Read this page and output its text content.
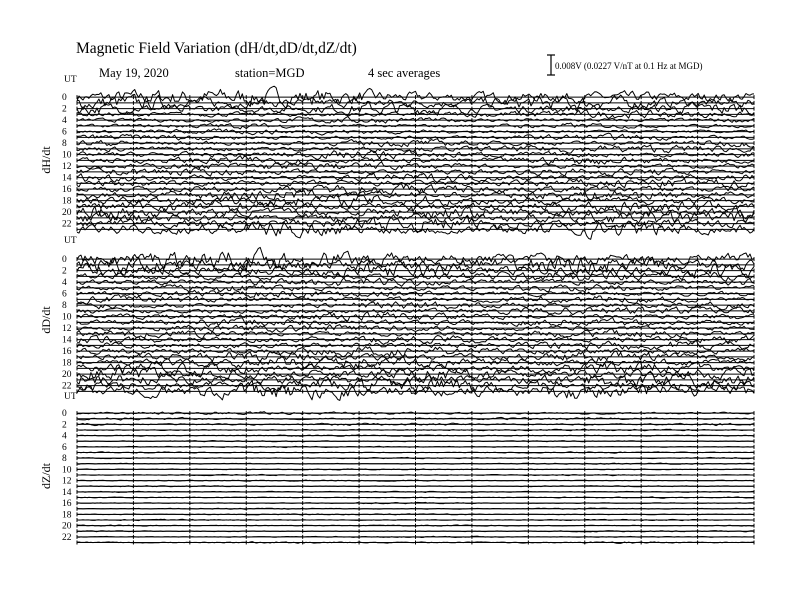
Magnetic Field Variation (dH/dt,dD/dt,dZ/dt)
May 19, 2020	station=MGD	4 sec averages	0.008V (0.0227 V/nT at 0.1 Hz at MGD)
UT
dH/dt
0
2
4
6
8
10
12
14
16
18
20
22
UT
dD/dt
0
2
4
6
8
10
12
14
16
18
20
22
UT
dZ/dt
0
2
4
6
8
10
12
14
16
18
20
22
